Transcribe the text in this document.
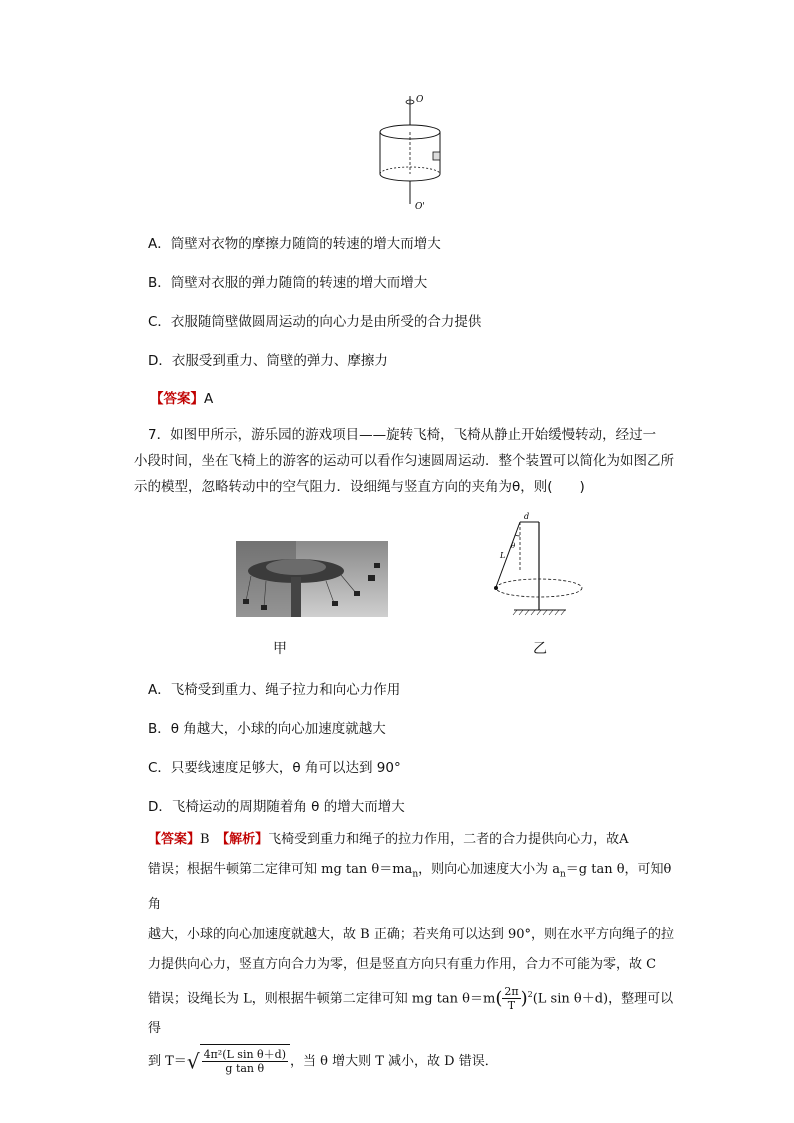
O
O'
A．筒壁对衣物的摩擦力随筒的转速的增大而增大
B．筒壁对衣服的弹力随筒的转速的增大而增大
C．衣服随筒壁做圆周运动的向心力是由所受的合力提供
D．衣服受到重力、筒壁的弹力、摩擦力
【答案】A

7．如图甲所示，游乐园的游戏项目——旋转飞椅，飞椅从静止开始缓慢转动，经过一

小段时间，坐在飞椅上的游客的运动可以看作匀速圆周运动．整个装置可以简化为如图乙所

示的模型，忽略转动中的空气阻力．设细绳与竖直方向的夹角为θ，则(　　)

d
L
θ
甲	乙
A．飞椅受到重力、绳子拉力和向心力作用
B．θ 角越大，小球的向心加速度就越大
C．只要线速度足够大，θ 角可以达到 90°
D．飞椅运动的周期随着角 θ 的增大而增大
【答案】B　 【解析】飞椅受到重力和绳子的拉力作用，二者的合力提供向心力，故A
错误；根据牛顿第二定律可知 mg $\tan \theta=ma_n$，则向心加速度大小为 $a_n=g$ tan θ，可知θ 角
越大，小球的向心加速度就越大，故 B 正确；若夹角可以达到 90°，则在水平方向绳子的拉
力提供向心力，竖直方向合力为零，但是竖直方向只有重力作用，合力不可能为零，故 C
错误；设绳长为 L，则根据牛顿第二定律可知 mg $\tan \theta=m( \frac{2\pi}{T} )^2(L$ sin θ＋d)，整理可以得
到 $T=√ \frac{\text{4π²(L sin θ＋d)}}{\text{g tan θ}}$ ，当 θ 增大则 T 减小，故 D 错误．
